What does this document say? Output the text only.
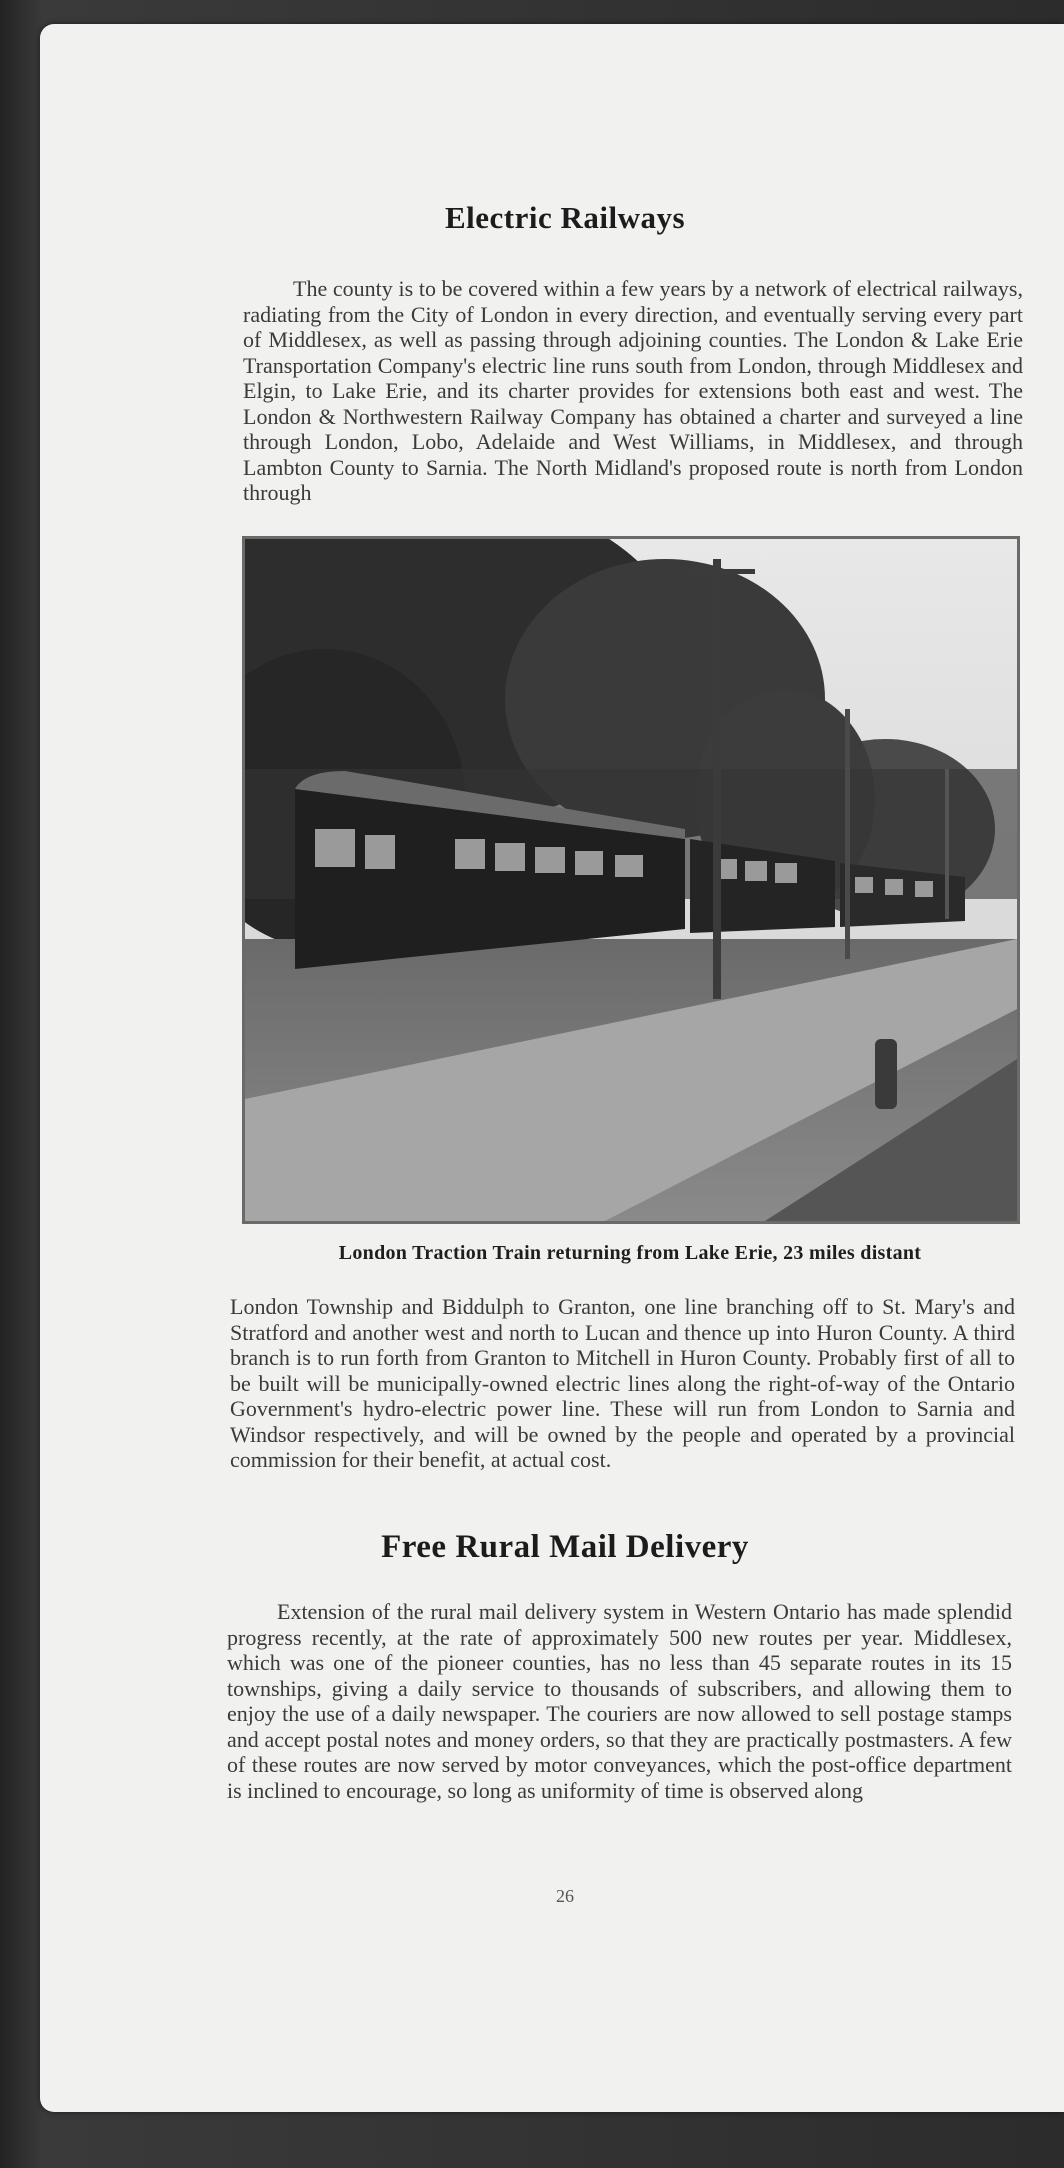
Electric Railways

The county is to be covered within a few years by a network of electrical railways, radiating from the City of London in every direction, and eventually serving every part of Middlesex, as well as passing through adjoining counties. The London & Lake Erie Transportation Company's electric line runs south from London, through Middlesex and Elgin, to Lake Erie, and its charter provides for extensions both east and west. The London & Northwestern Railway Company has obtained a charter and surveyed a line through London, Lobo, Adelaide and West Williams, in Middlesex, and through Lambton County to Sarnia. The North Midland's proposed route is north from London through

London Traction Train returning from Lake Erie, 23 miles distant

London Township and Biddulph to Granton, one line branching off to St. Mary's and Stratford and another west and north to Lucan and thence up into Huron County. A third branch is to run forth from Granton to Mitchell in Huron County. Probably first of all to be built will be municipally-owned electric lines along the right-of-way of the Ontario Government's hydro-electric power line. These will run from London to Sarnia and Windsor respectively, and will be owned by the people and operated by a provincial commission for their benefit, at actual cost.

Free Rural Mail Delivery

Extension of the rural mail delivery system in Western Ontario has made splendid progress recently, at the rate of approximately 500 new routes per year. Middlesex, which was one of the pioneer counties, has no less than 45 separate routes in its 15 townships, giving a daily service to thousands of subscribers, and allowing them to enjoy the use of a daily newspaper. The couriers are now allowed to sell postage stamps and accept postal notes and money orders, so that they are practically postmasters. A few of these routes are now served by motor conveyances, which the post-office department is inclined to encourage, so long as uniformity of time is observed along

26
